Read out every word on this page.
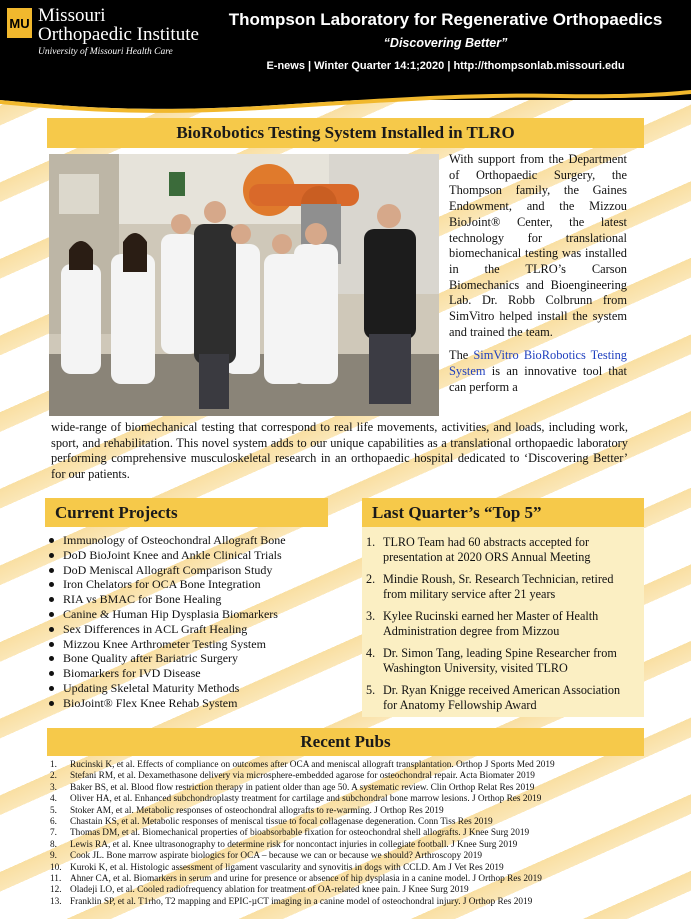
MU Missouri
Orthopaedic Institute
University of Missouri Health Care
Thompson Laboratory for Regenerative Orthopaedics
“Discovering Better”
E-news | Winter Quarter 14:1;2020 | http://thompsonlab.missouri.edu
BioRobotics Testing System Installed in TLRO

With support from the Department of Orthopaedic Surgery, the Thompson family, the Gaines Endowment, and the Mizzou BioJoint® Center, the latest technology for translational biomechanical testing was installed in the TLRO’s Carson Biomechanics and Bioengineering Lab. Dr. Robb Colbrunn from SimVitro helped install the system and trained the team.

The SimVitro BioRobotics Testing System is an innovative tool that can perform a

wide-range of biomechanical testing that correspond to real life movements, activities, and loads, including work, sport, and rehabilitation. This novel system adds to our unique capabilities as a translational orthopaedic laboratory performing comprehensive musculoskeletal research in an orthopaedic hospital dedicated to ‘Discovering Better’ for our patients.
Current Projects
Immunology of Osteochondral Allograft Bone
DoD BioJoint Knee and Ankle Clinical Trials
DoD Meniscal Allograft Comparison Study
Iron Chelators for OCA Bone Integration
RIA vs BMAC for Bone Healing
Canine & Human Hip Dysplasia Biomarkers
Sex Differences in ACL Graft Healing
Mizzou Knee Arthrometer Testing System
Bone Quality after Bariatric Surgery
Biomarkers for IVD Disease
Updating Skeletal Maturity Methods
BioJoint® Flex Knee Rehab System
Last Quarter’s “Top 5”
1. TLRO Team had 60 abstracts accepted for presentation at 2020 ORS Annual Meeting
2. Mindie Roush, Sr. Research Technician, retired from military service after 21 years
3. Kylee Rucinski earned her Master of Health Administration degree from Mizzou
4. Dr. Simon Tang, leading Spine Researcher from Washington University, visited TLRO
5. Dr. Ryan Knigge received American Association for Anatomy Fellowship Award
Recent Pubs
1. Rucinski K, et al. Effects of compliance on outcomes after OCA and meniscal allograft transplantation. Orthop J Sports Med 2019
2. Stefani RM, et al. Dexamethasone delivery via microsphere-embedded agarose for osteochondral repair. Acta Biomater 2019
3. Baker BS, et al. Blood flow restriction therapy in patient older than age 50. A systematic review. Clin Orthop Relat Res 2019
4. Oliver HA, et al. Enhanced subchondroplasty treatment for cartilage and subchondral bone marrow lesions. J Orthop Res 2019
5. Stoker AM, et al. Metabolic responses of osteochondral allografts to re-warming. J Orthop Res 2019
6. Chastain KS, et al. Metabolic responses of meniscal tissue to focal collagenase degeneration. Conn Tiss Res 2019
7. Thomas DM, et al. Biomechanical properties of bioabsorbable fixation for osteochondral shell allografts. J Knee Surg 2019
8. Lewis RA, et al. Knee ultrasonography to determine risk for noncontact injuries in collegiate football. J Knee Surg 2019
9. Cook JL. Bone marrow aspirate biologics for OCA – because we can or because we should? Arthroscopy 2019
10. Kuroki K, et al. Histologic assessment of ligament vascularity and synovitis in dogs with CCLD. Am J Vet Res 2019
11. Ahner CA, et al. Biomarkers in serum and urine for presence or absence of hip dysplasia in a canine model. J Orthop Res 2019
12. Oladeji LO, et al. Cooled radiofrequency ablation for treatment of OA-related knee pain. J Knee Surg 2019
13. Franklin SP, et al. T1rho, T2 mapping and EPIC-µCT imaging in a canine model of osteochondral injury. J Orthop Res 2019
